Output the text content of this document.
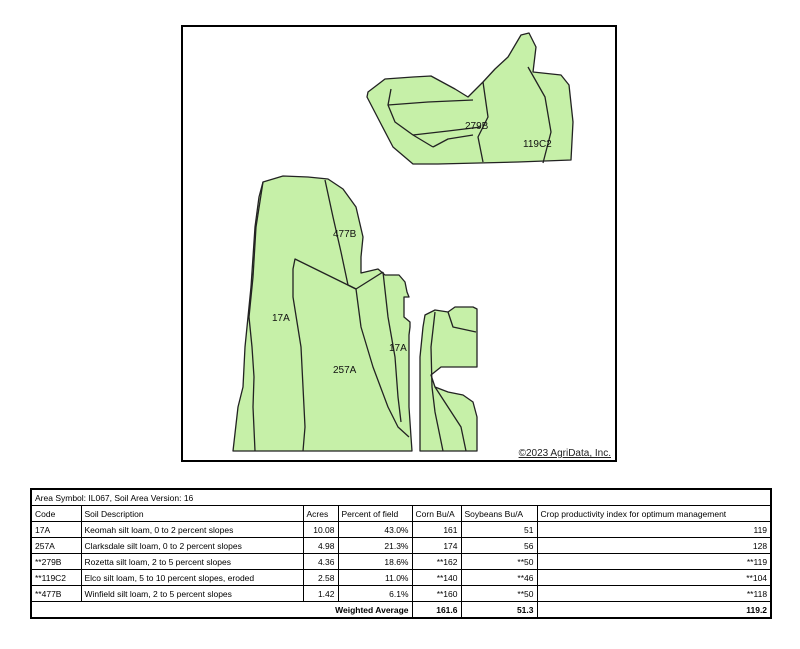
279B
119C2
477B
17A
257A
17A
©2023 AgriData, Inc.
Area Symbol: IL067, Soil Area Version: 16						
Code	Soil Description	Acres	Percent of field	Corn Bu/A	Soybeans Bu/A	Crop productivity index for optimum management
17A	Keomah silt loam, 0 to 2 percent slopes	10.08	43.0%	161	51	119
257A	Clarksdale silt loam, 0 to 2 percent slopes	4.98	21.3%	174	56	128
**279B	Rozetta silt loam, 2 to 5 percent slopes	4.36	18.6%	**162	**50	**119
**119C2	Elco silt loam, 5 to 10 percent slopes, eroded	2.58	11.0%	**140	**46	**104
**477B	Winfield silt loam, 2 to 5 percent slopes	1.42	6.1%	**160	**50	**118
Weighted Average				161.6	51.3	119.2
